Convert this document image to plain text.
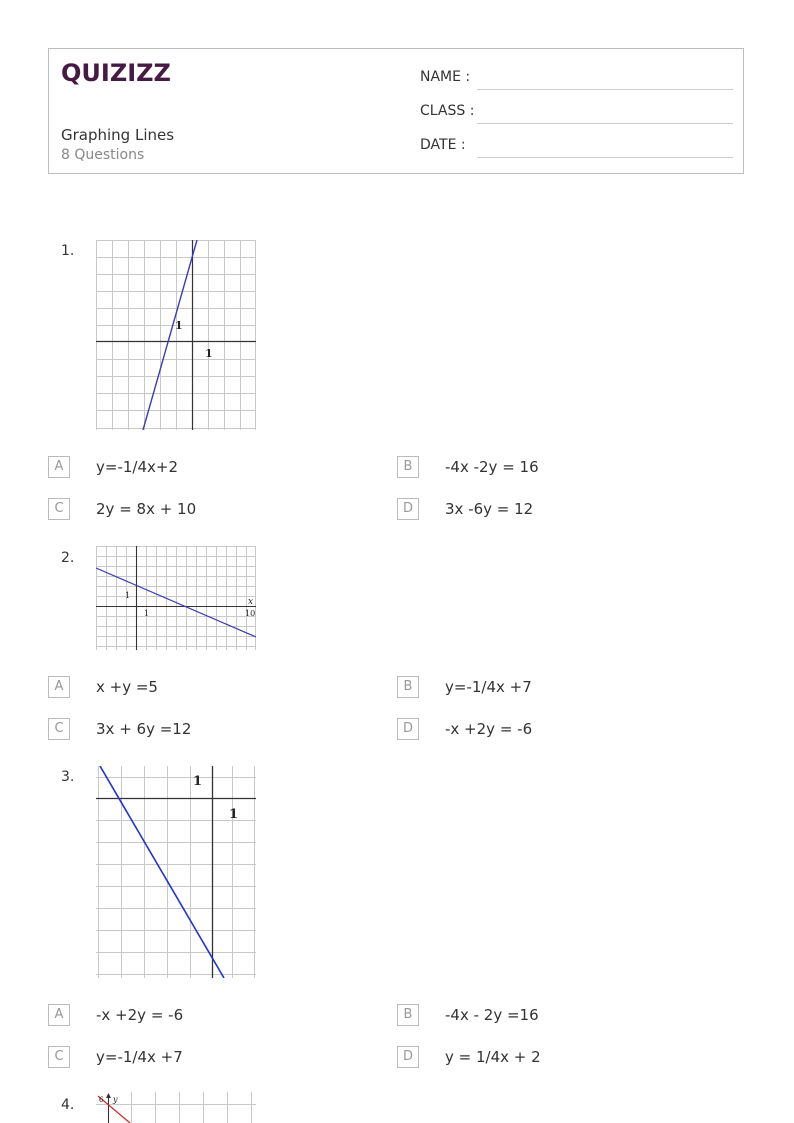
QUIZIZZ
Graphing Lines
8 Questions
NAME :
CLASS :
DATE :
1.
1
1
A	y=-1/4x+2	B	-4x -2y = 16
C	2y = 8x + 10	D	3x -6y = 12
2.
1
1
x
10
A	x +y =5	B	y=-1/4x +7
C	3x + 6y =12	D	-x +2y = -6
3.	1
1
A	-x +2y = -6	B	-4x - 2y =16
C	y=-1/4x +7	D	y = 1/4x + 2
4.	6 y
